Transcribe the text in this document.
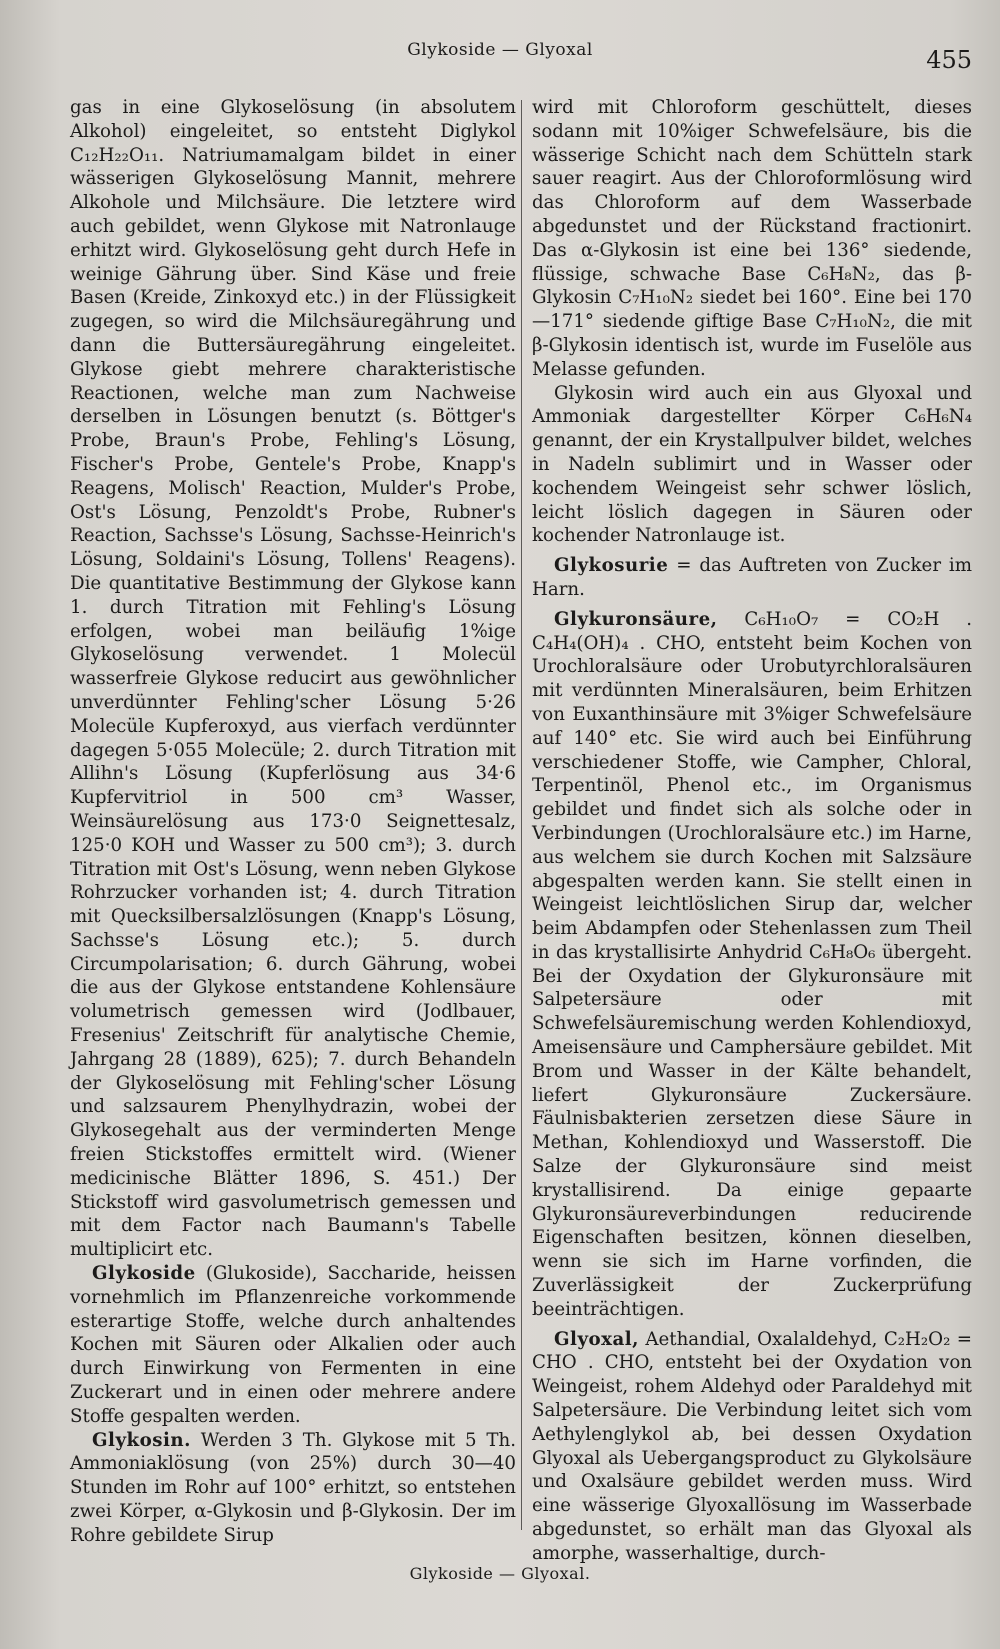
Glykoside — Glyoxal	455

gas in eine Glykoselösung (in absolutem Alkohol) eingeleitet, so entsteht Diglykol C₁₂H₂₂O₁₁. Natriumamalgam bildet in einer wässerigen Glykoselösung Mannit, mehrere Alkohole und Milchsäure. Die letztere wird auch gebildet, wenn Glykose mit Natronlauge erhitzt wird. Glykoselösung geht durch Hefe in weinige Gährung über. Sind Käse und freie Basen (Kreide, Zinkoxyd etc.) in der Flüssigkeit zugegen, so wird die Milchsäuregährung und dann die Buttersäuregährung eingeleitet. Glykose giebt mehrere charakteristische Reactionen, welche man zum Nachweise derselben in Lösungen benutzt (s. Böttger's Probe, Braun's Probe, Fehling's Lösung, Fischer's Probe, Gentele's Probe, Knapp's Reagens, Molisch' Reaction, Mulder's Probe, Ost's Lösung, Penzoldt's Probe, Rubner's Reaction, Sachsse's Lösung, Sachsse-Heinrich's Lösung, Soldaini's Lösung, Tollens' Reagens). Die quantitative Bestimmung der Glykose kann 1. durch Titration mit Fehling's Lösung erfolgen, wobei man beiläufig 1%ige Glykoselösung verwendet. 1 Molecül wasserfreie Glykose reducirt aus gewöhnlicher unverdünnter Fehling'scher Lösung 5·26 Molecüle Kupferoxyd, aus vierfach verdünnter dagegen 5·055 Molecüle; 2. durch Titration mit Allihn's Lösung (Kupferlösung aus 34·6 Kupfervitriol in 500 cm³ Wasser, Weinsäurelösung aus 173·0 Seignettesalz, 125·0 KOH und Wasser zu 500 cm³); 3. durch Titration mit Ost's Lösung, wenn neben Glykose Rohrzucker vorhanden ist; 4. durch Titration mit Quecksilbersalzlösungen (Knapp's Lösung, Sachsse's Lösung etc.); 5. durch Circumpolarisation; 6. durch Gährung, wobei die aus der Glykose entstandene Kohlensäure volumetrisch gemessen wird (Jodlbauer, Fresenius' Zeitschrift für analytische Chemie, Jahrgang 28 (1889), 625); 7. durch Behandeln der Glykoselösung mit Fehling'scher Lösung und salzsaurem Phenylhydrazin, wobei der Glykosegehalt aus der verminderten Menge freien Stickstoffes ermittelt wird. (Wiener medicinische Blätter 1896, S. 451.) Der Stickstoff wird gasvolumetrisch gemessen und mit dem Factor nach Baumann's Tabelle multiplicirt etc.

Glykoside (Glukoside), Saccharide, heissen vornehmlich im Pflanzenreiche vorkommende esterartige Stoffe, welche durch anhaltendes Kochen mit Säuren oder Alkalien oder auch durch Einwirkung von Fermenten in eine Zuckerart und in einen oder mehrere andere Stoffe gespalten werden.

Glykosin. Werden 3 Th. Glykose mit 5 Th. Ammoniaklösung (von 25%) durch 30—40 Stunden im Rohr auf 100° erhitzt, so entstehen zwei Körper, α-Glykosin und β-Glykosin. Der im Rohre gebildete Sirup

wird mit Chloroform geschüttelt, dieses sodann mit 10%iger Schwefelsäure, bis die wässerige Schicht nach dem Schütteln stark sauer reagirt. Aus der Chloroformlösung wird das Chloroform auf dem Wasserbade abgedunstet und der Rückstand fractionirt. Das α-Glykosin ist eine bei 136° siedende, flüssige, schwache Base C₆H₈N₂, das β-Glykosin C₇H₁₀N₂ siedet bei 160°. Eine bei 170—171° siedende giftige Base C₇H₁₀N₂, die mit β-Glykosin identisch ist, wurde im Fuselöle aus Melasse gefunden.

Glykosin wird auch ein aus Glyoxal und Ammoniak dargestellter Körper C₆H₆N₄ genannt, der ein Krystallpulver bildet, welches in Nadeln sublimirt und in Wasser oder kochendem Weingeist sehr schwer löslich, leicht löslich dagegen in Säuren oder kochender Natronlauge ist.

Glykosurie = das Auftreten von Zucker im Harn.

Glykuronsäure, C₆H₁₀O₇ = CO₂H . C₄H₄(OH)₄ . CHO, entsteht beim Kochen von Urochloralsäure oder Urobutyrchloralsäuren mit verdünnten Mineralsäuren, beim Erhitzen von Euxanthinsäure mit 3%iger Schwefelsäure auf 140° etc. Sie wird auch bei Einführung verschiedener Stoffe, wie Campher, Chloral, Terpentinöl, Phenol etc., im Organismus gebildet und findet sich als solche oder in Verbindungen (Urochloralsäure etc.) im Harne, aus welchem sie durch Kochen mit Salzsäure abgespalten werden kann. Sie stellt einen in Weingeist leichtlöslichen Sirup dar, welcher beim Abdampfen oder Stehenlassen zum Theil in das krystallisirte Anhydrid C₆H₈O₆ übergeht. Bei der Oxydation der Glykuronsäure mit Salpetersäure oder mit Schwefelsäuremischung werden Kohlendioxyd, Ameisensäure und Camphersäure gebildet. Mit Brom und Wasser in der Kälte behandelt, liefert Glykuronsäure Zuckersäure. Fäulnisbakterien zersetzen diese Säure in Methan, Kohlendioxyd und Wasserstoff. Die Salze der Glykuronsäure sind meist krystallisirend. Da einige gepaarte Glykuronsäureverbindungen reducirende Eigenschaften besitzen, können dieselben, wenn sie sich im Harne vorfinden, die Zuverlässigkeit der Zuckerprüfung beeinträchtigen.

Glyoxal, Aethandial, Oxalaldehyd, C₂H₂O₂ = CHO . CHO, entsteht bei der Oxydation von Weingeist, rohem Aldehyd oder Paraldehyd mit Salpetersäure. Die Verbindung leitet sich vom Aethylenglykol ab, bei dessen Oxydation Glyoxal als Uebergangsproduct zu Glykolsäure und Oxalsäure gebildet werden muss. Wird eine wässerige Glyoxallösung im Wasserbade abgedunstet, so erhält man das Glyoxal als amorphe, wasserhaltige, durch-

Glykoside — Glyoxal.
